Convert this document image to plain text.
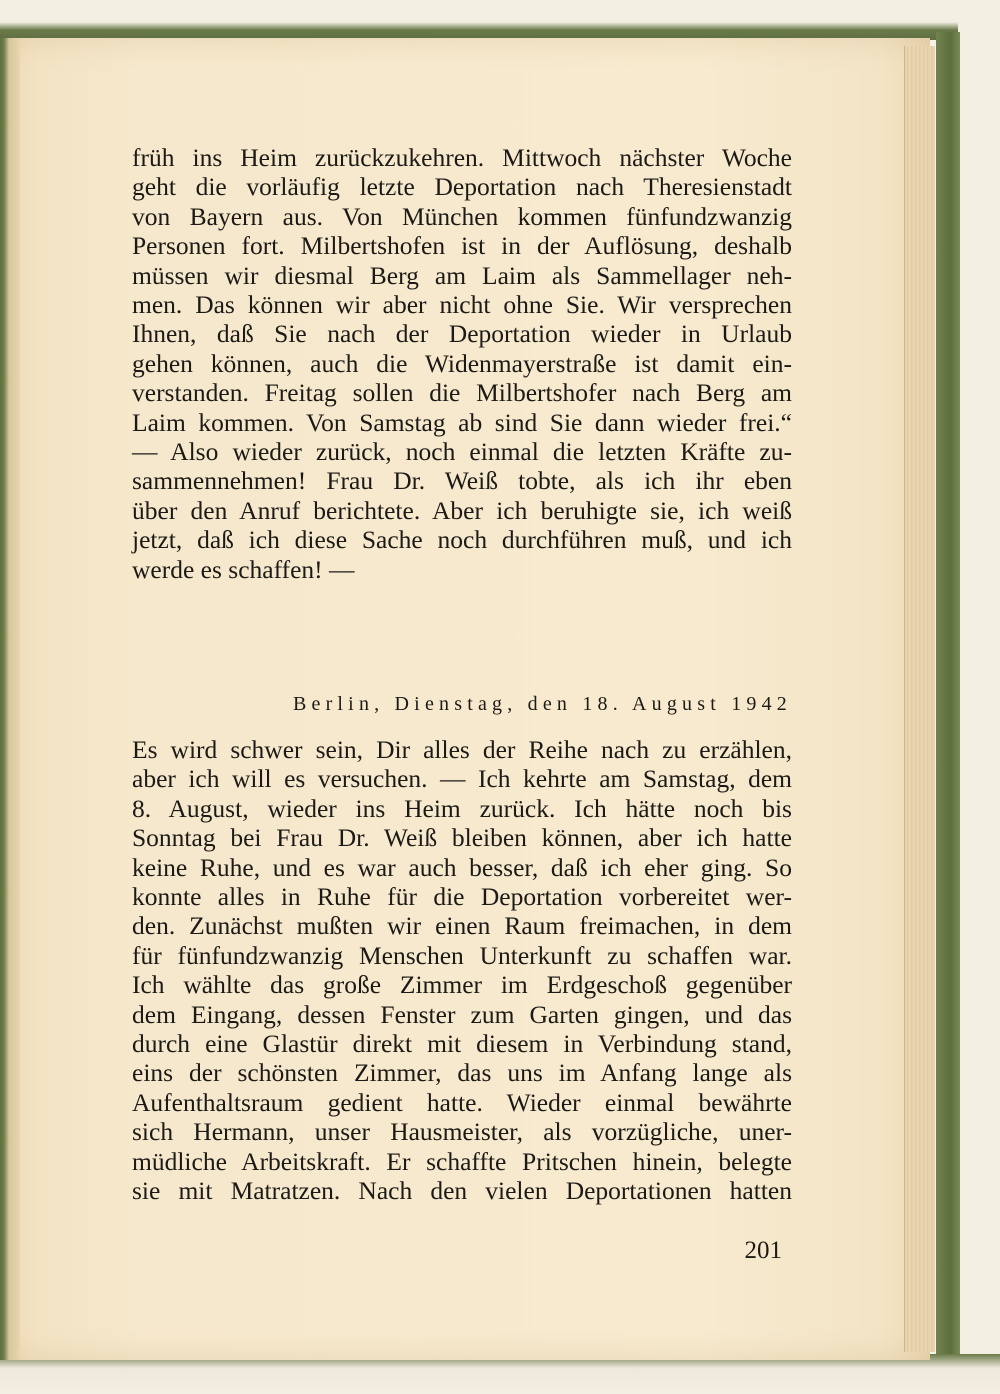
früh ins Heim zurückzukehren. Mittwoch nächster Woche
geht die vorläufig letzte Deportation nach Theresienstadt
von Bayern aus. Von München kommen fünfundzwanzig
Personen fort. Milbertshofen ist in der Auflösung, deshalb
müssen wir diesmal Berg am Laim als Sammellager neh-
men. Das können wir aber nicht ohne Sie. Wir versprechen
Ihnen, daß Sie nach der Deportation wieder in Urlaub
gehen können, auch die Widenmayerstraße ist damit ein-
verstanden. Freitag sollen die Milbertshofer nach Berg am
Laim kommen. Von Samstag ab sind Sie dann wieder frei.“
— Also wieder zurück, noch einmal die letzten Kräfte zu-
sammennehmen! Frau Dr. Weiß tobte, als ich ihr eben
über den Anruf berichtete. Aber ich beruhigte sie, ich weiß
jetzt, daß ich diese Sache noch durchführen muß, und ich
werde es schaffen! —
Berlin, Dienstag, den 18. August 1942
Es wird schwer sein, Dir alles der Reihe nach zu erzählen,
aber ich will es versuchen. — Ich kehrte am Samstag, dem
8. August, wieder ins Heim zurück. Ich hätte noch bis
Sonntag bei Frau Dr. Weiß bleiben können, aber ich hatte
keine Ruhe, und es war auch besser, daß ich eher ging. So
konnte alles in Ruhe für die Deportation vorbereitet wer-
den. Zunächst mußten wir einen Raum freimachen, in dem
für fünfundzwanzig Menschen Unterkunft zu schaffen war.
Ich wählte das große Zimmer im Erdgeschoß gegenüber
dem Eingang, dessen Fenster zum Garten gingen, und das
durch eine Glastür direkt mit diesem in Verbindung stand,
eins der schönsten Zimmer, das uns im Anfang lange als
Aufenthaltsraum gedient hatte. Wieder einmal bewährte
sich Hermann, unser Hausmeister, als vorzügliche, uner-
müdliche Arbeitskraft. Er schaffte Pritschen hinein, belegte
sie mit Matratzen. Nach den vielen Deportationen hatten
201
